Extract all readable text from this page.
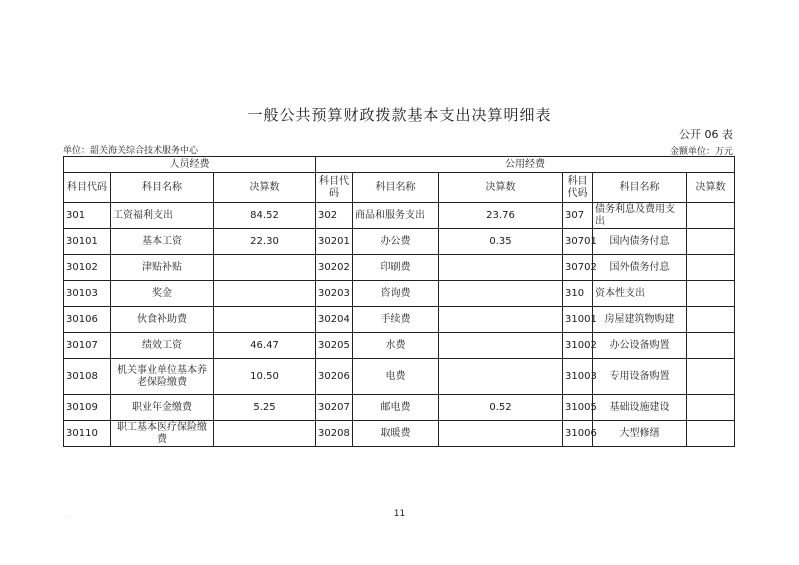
一般公共预算财政拨款基本支出决算明细表
公开 06 表
单位：韶关海关综合技术服务中心	金额单位：万元
人员经费			公用经费					
科目代码	科目名称	决算数	科目代码	科目名称	决算数	科目代码	科目名称	决算数
301	工资福利支出	84.52	302	商品和服务支出	23.76	307	债务利息及费用支出	
30101	基本工资	22.30	30201	办公费	0.35	30701	国内债务付息	
30102	津贴补贴		30202	印刷费		30702	国外债务付息	
30103	奖金		30203	咨询费		310	资本性支出	
30106	伙食补助费		30204	手续费		31001	房屋建筑物购建	
30107	绩效工资	46.47	30205	水费		31002	办公设备购置	
30108	机关事业单位基本养老保险缴费	10.50	30206	电费		31003	专用设备购置	
30109	职业年金缴费	5.25	30207	邮电费	0.52	31005	基础设施建设	
30110	职工基本医疗保险缴费		30208	取暖费		31006	大型修缮	
.	11
